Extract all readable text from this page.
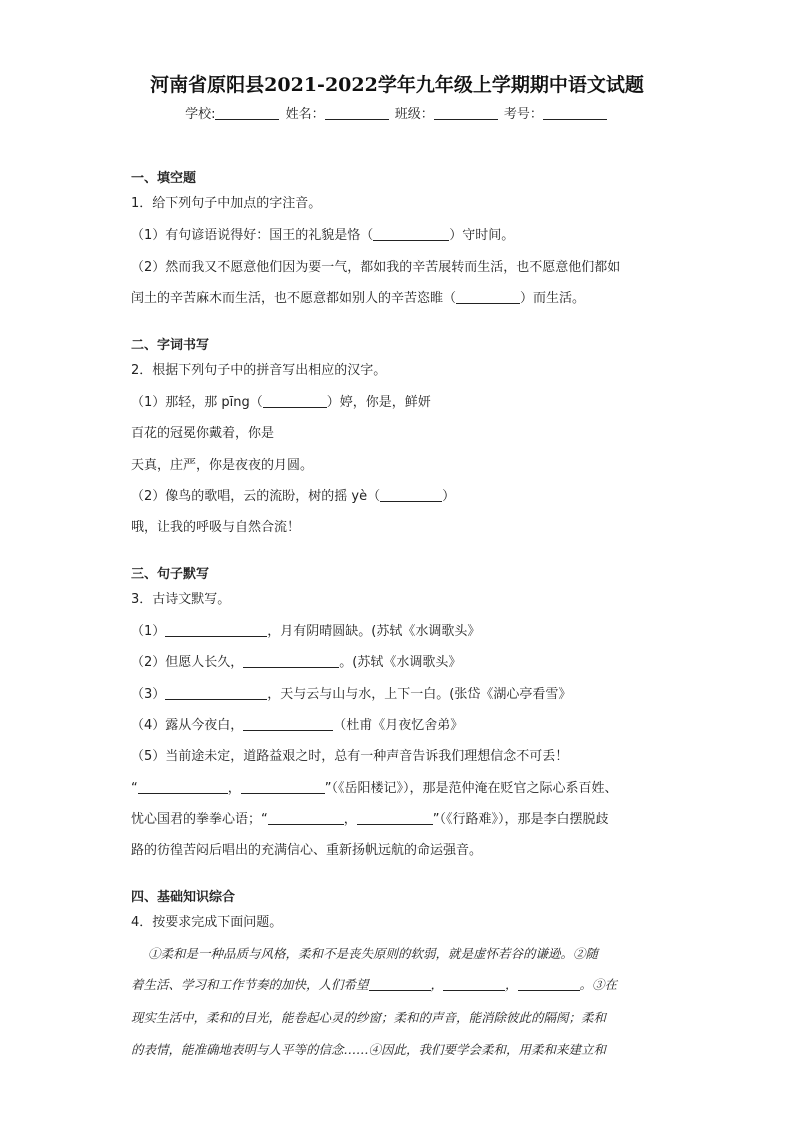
河南省原阳县2021-2022学年九年级上学期期中语文试题
学校:	姓名：	班级：	考号：
一、填空题
1．给下列句子中加点的字注音。
（1）有句谚语说得好：国王的礼貌是恪（	）守时间。
（2）然而我又不愿意他们因为要一气，都如我的辛苦展转而生活，也不愿意他们都如
闰土的辛苦麻木而生活，也不愿意都如别人的辛苦恣睢（	）而生活。
二、字词书写
2．根据下列句子中的拼音写出相应的汉字。
（1）那轻，那 pīng（	）婷，你是，鲜妍
百花的冠冕你戴着，你是
天真，庄严，你是夜夜的月圆。
（2）像鸟的歌唱，云的流盼，树的摇 yè（	）
哦，让我的呼吸与自然合流！
三、句子默写
3．古诗文默写。
（1）	，月有阴晴圆缺。(苏轼《水调歌头》
（2）但愿人长久，	。(苏轼《水调歌头》
（3）	，天与云与山与水，上下一白。(张岱《湖心亭看雪》
（4）露从今夜白，	（杜甫《月夜忆舍弟》
（5）当前途未定，道路益艰之时，总有一种声音告诉我们理想信念不可丢！
“	，	”（《岳阳楼记》），那是范仲淹在贬官之际心系百姓、
忧心国君的拳拳心语；“	，	”（《行路难》），那是李白摆脱歧
路的彷徨苦闷后唱出的充满信心、重新扬帆远航的命运强音。
四、基础知识综合
4．按要求完成下面问题。
①柔和是一种品质与风格，柔和不是丧失原则的软弱，就是虚怀若谷的谦逊。②随
着生活、学习和工作节奏的加快，人们希望	，	，	。③在
现实生活中，柔和的目光，能卷起心灵的纱窗；柔和的声音，能消除彼此的隔阂；柔和
的表情，能准确地表明与人平等的信念……④因此，我们要学会柔和，用柔和来建立和
